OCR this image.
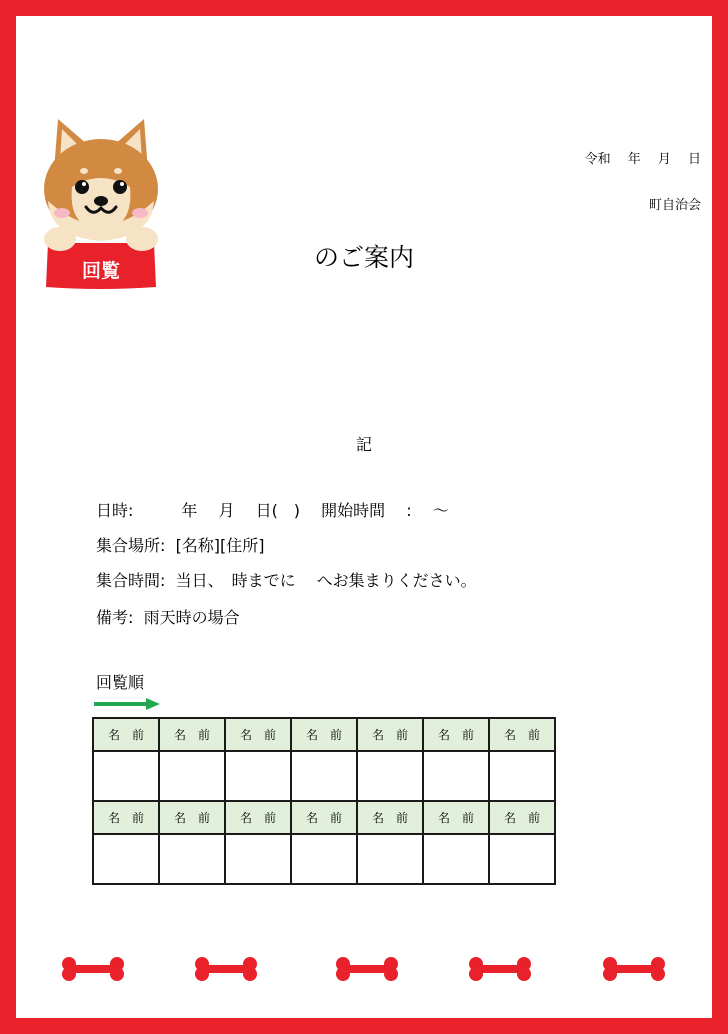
回覧
令和　 年　 月　 日
町自治会
のご案内
記
日時:　　　年　 月　 日(　)　 開始時間　 :　 〜
集合場所:  [名称][住所]
集合時間:  当日、　時までに　 へお集まりください。
備考:  雨天時の場合
回覧順
名　前	名　前	名　前	名　前	名　前	名　前	名　前

名　前	名　前	名　前	名　前	名　前	名　前	名　前
